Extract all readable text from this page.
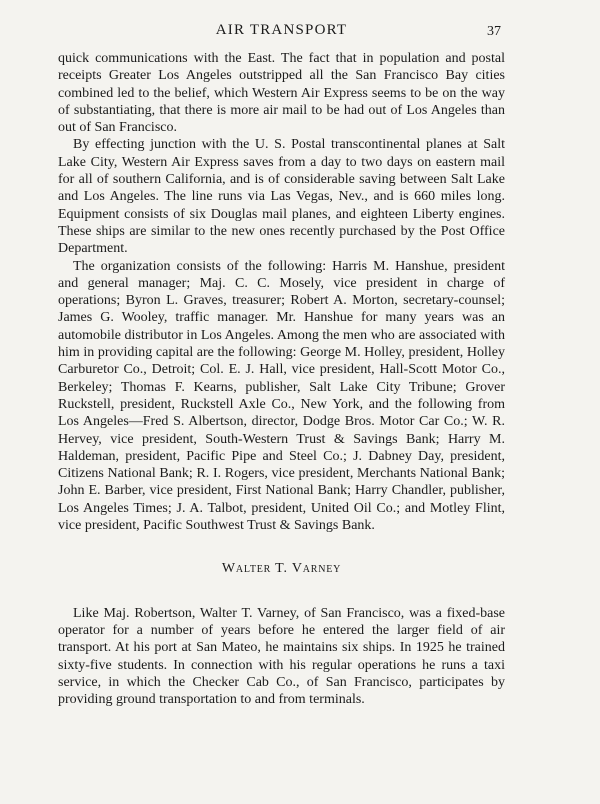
AIR TRANSPORT	37

quick communications with the East. The fact that in population and postal receipts Greater Los Angeles outstripped all the San Francisco Bay cities combined led to the belief, which Western Air Express seems to be on the way of substantiating, that there is more air mail to be had out of Los Angeles than out of San Francisco.

By effecting junction with the U. S. Postal transcontinental planes at Salt Lake City, Western Air Express saves from a day to two days on eastern mail for all of southern California, and is of considerable saving between Salt Lake and Los Angeles. The line runs via Las Vegas, Nev., and is 660 miles long. Equipment consists of six Douglas mail planes, and eighteen Liberty engines. These ships are similar to the new ones recently purchased by the Post Office Department.

The organization consists of the following: Harris M. Hanshue, president and general manager; Maj. C. C. Mosely, vice president in charge of operations; Byron L. Graves, treasurer; Robert A. Morton, secretary-counsel; James G. Wooley, traffic manager. Mr. Hanshue for many years was an automobile distributor in Los Angeles. Among the men who are associated with him in providing capital are the following: George M. Holley, president, Holley Carburetor Co., Detroit; Col. E. J. Hall, vice president, Hall-Scott Motor Co., Berkeley; Thomas F. Kearns, publisher, Salt Lake City Tribune; Grover Ruckstell, president, Ruckstell Axle Co., New York, and the following from Los Angeles—Fred S. Albertson, director, Dodge Bros. Motor Car Co.; W. R. Hervey, vice president, South-Western Trust & Savings Bank; Harry M. Haldeman, president, Pacific Pipe and Steel Co.; J. Dabney Day, president, Citizens National Bank; R. I. Rogers, vice president, Merchants National Bank; John E. Barber, vice president, First National Bank; Harry Chandler, publisher, Los Angeles Times; J. A. Talbot, president, United Oil Co.; and Motley Flint, vice president, Pacific Southwest Trust & Savings Bank.

Walter T. Varney

Like Maj. Robertson, Walter T. Varney, of San Francisco, was a fixed-base operator for a number of years before he entered the larger field of air transport. At his port at San Mateo, he maintains six ships. In 1925 he trained sixty-five students. In connection with his regular operations he runs a taxi service, in which the Checker Cab Co., of San Francisco, participates by providing ground transportation to and from terminals.
